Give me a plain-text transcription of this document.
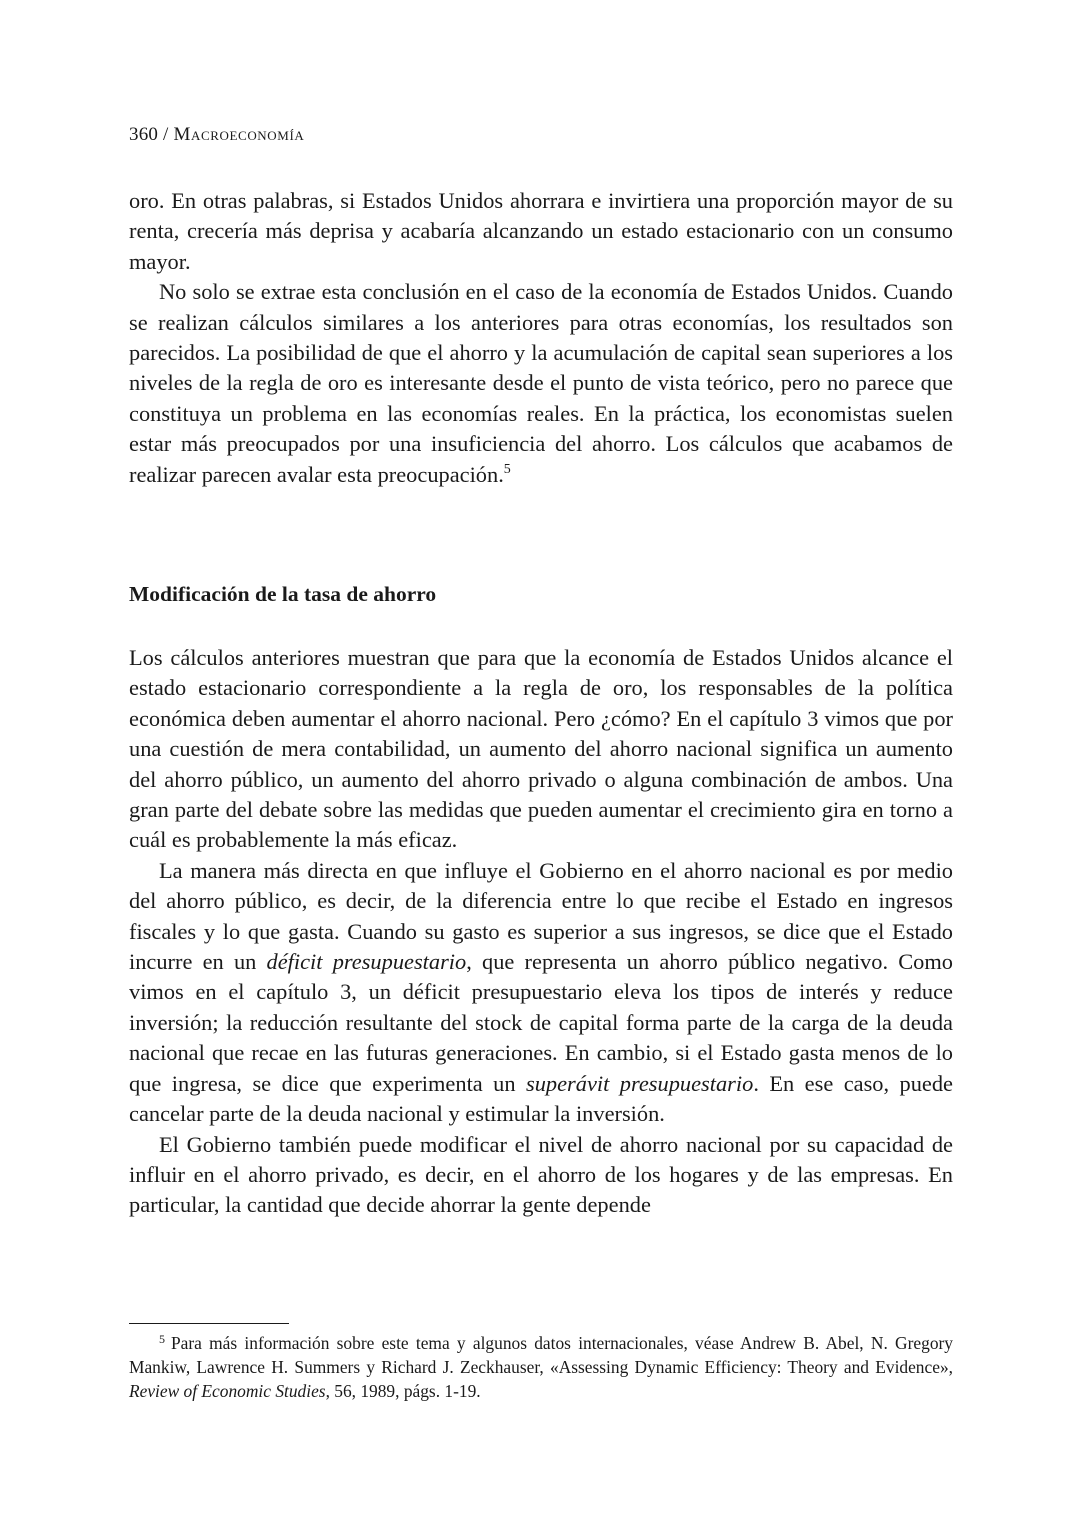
360 / Macroeconomía

oro. En otras palabras, si Estados Unidos ahorrara e invirtiera una proporción mayor de su renta, crecería más deprisa y acabaría alcanzando un estado estacionario con un consumo mayor.

No solo se extrae esta conclusión en el caso de la economía de Estados Unidos. Cuando se realizan cálculos similares a los anteriores para otras economías, los resultados son parecidos. La posibilidad de que el ahorro y la acumulación de capital sean superiores a los niveles de la regla de oro es interesante desde el punto de vista teórico, pero no parece que constituya un problema en las economías reales. En la práctica, los economistas suelen estar más preocupados por una insuficiencia del ahorro. Los cálculos que acabamos de realizar parecen avalar esta preocupación.$^5$

Modificación de la tasa de ahorro

Los cálculos anteriores muestran que para que la economía de Estados Unidos alcance el estado estacionario correspondiente a la regla de oro, los responsables de la política económica deben aumentar el ahorro nacional. Pero ¿cómo? En el capítulo 3 vimos que por una cuestión de mera contabilidad, un aumento del ahorro nacional significa un aumento del ahorro público, un aumento del ahorro privado o alguna combinación de ambos. Una gran parte del debate sobre las medidas que pueden aumentar el crecimiento gira en torno a cuál es probablemente la más eficaz.

La manera más directa en que influye el Gobierno en el ahorro nacional es por medio del ahorro público, es decir, de la diferencia entre lo que recibe el Estado en ingresos fiscales y lo que gasta. Cuando su gasto es superior a sus ingresos, se dice que el Estado incurre en un déficit presupuestario, que representa un ahorro público negativo. Como vimos en el capítulo 3, un déficit presupuestario eleva los tipos de interés y reduce inversión; la reducción resultante del stock de capital forma parte de la carga de la deuda nacional que recae en las futuras generaciones. En cambio, si el Estado gasta menos de lo que ingresa, se dice que experimenta un superávit presupuestario. En ese caso, puede cancelar parte de la deuda nacional y estimular la inversión.

El Gobierno también puede modificar el nivel de ahorro nacional por su capacidad de influir en el ahorro privado, es decir, en el ahorro de los hogares y de las empresas. En particular, la cantidad que decide ahorrar la gente depende

$^5$ Para más información sobre este tema y algunos datos internacionales, véase Andrew B. Abel, N. Gregory Mankiw, Lawrence H. Summers y Richard J. Zeckhauser, «Assessing Dynamic Efficiency: Theory and Evidence», Review of Economic Studies, 56, 1989, págs. 1-19.
